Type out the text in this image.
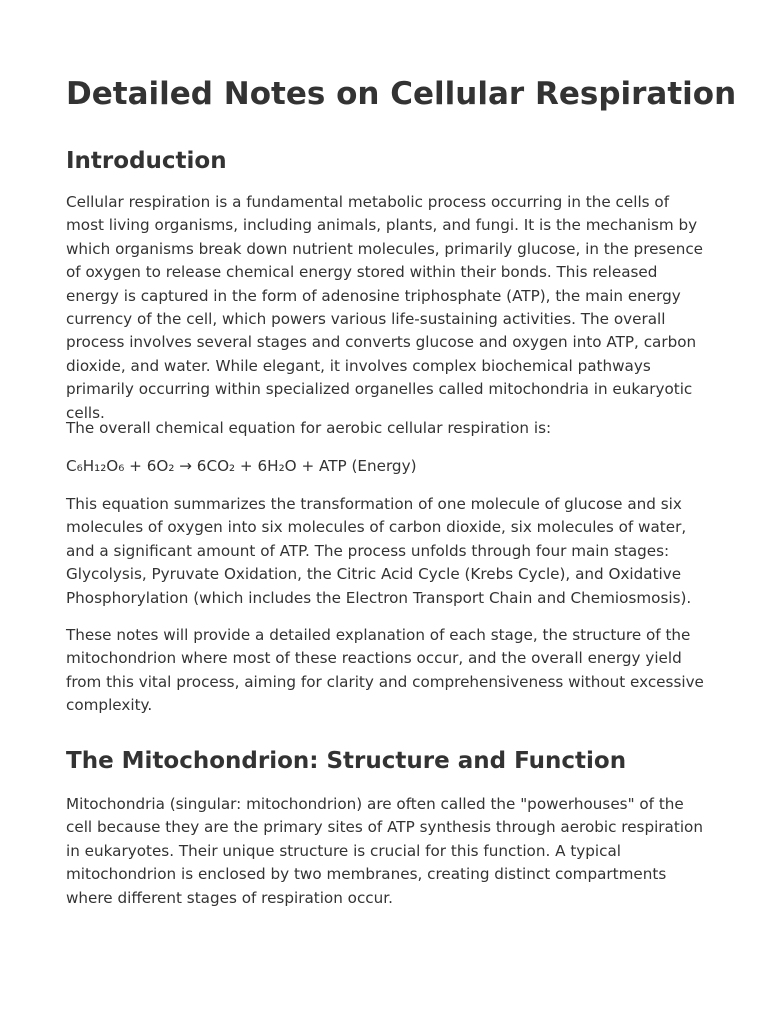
Detailed Notes on Cellular Respiration
Introduction

Cellular respiration is a fundamental metabolic process occurring in the cells of most living organisms, including animals, plants, and fungi. It is the mechanism by which organisms break down nutrient molecules, primarily glucose, in the presence of oxygen to release chemical energy stored within their bonds. This released energy is captured in the form of adenosine triphosphate (ATP), the main energy currency of the cell, which powers various life-sustaining activities. The overall process involves several stages and converts glucose and oxygen into ATP, carbon dioxide, and water. While elegant, it involves complex biochemical pathways primarily occurring within specialized organelles called mitochondria in eukaryotic cells.

The overall chemical equation for aerobic cellular respiration is:

C₆H₁₂O₆ + 6O₂ → 6CO₂ + 6H₂O + ATP (Energy)

This equation summarizes the transformation of one molecule of glucose and six molecules of oxygen into six molecules of carbon dioxide, six molecules of water, and a significant amount of ATP. The process unfolds through four main stages: Glycolysis, Pyruvate Oxidation, the Citric Acid Cycle (Krebs Cycle), and Oxidative Phosphorylation (which includes the Electron Transport Chain and Chemiosmosis).

These notes will provide a detailed explanation of each stage, the structure of the mitochondrion where most of these reactions occur, and the overall energy yield from this vital process, aiming for clarity and comprehensiveness without excessive complexity.

The Mitochondrion: Structure and Function

Mitochondria (singular: mitochondrion) are often called the "powerhouses" of the cell because they are the primary sites of ATP synthesis through aerobic respiration in eukaryotes. Their unique structure is crucial for this function. A typical mitochondrion is enclosed by two membranes, creating distinct compartments where different stages of respiration occur.
